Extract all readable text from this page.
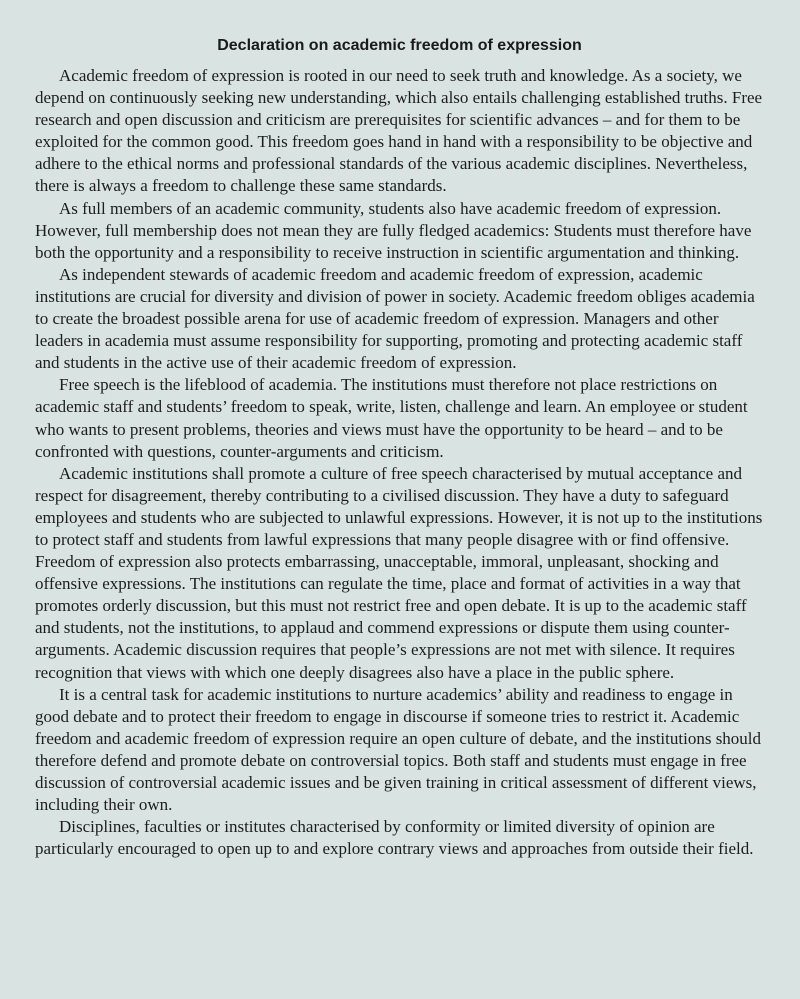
Declaration on academic freedom of expression

Academic freedom of expression is rooted in our need to seek truth and knowledge. As a society, we depend on continuously seeking new understanding, which also entails challenging established truths. Free research and open discussion and criticism are prerequisites for scientific advances – and for them to be exploited for the common good. This freedom goes hand in hand with a responsibility to be objective and adhere to the ethical norms and professional standards of the various academic disciplines. Nevertheless, there is always a freedom to challenge these same standards.

As full members of an academic community, students also have academic freedom of expression. However, full membership does not mean they are fully fledged academics: Students must therefore have both the opportunity and a responsibility to receive instruction in scientific argumentation and thinking.

As independent stewards of academic freedom and academic freedom of expression, academic institutions are crucial for diversity and division of power in society. Academic freedom obliges academia to create the broadest possible arena for use of academic freedom of expression. Managers and other leaders in academia must assume responsibility for supporting, promoting and protecting academic staff and students in the active use of their academic freedom of expression.

Free speech is the lifeblood of academia. The institutions must therefore not place restrictions on academic staff and students’ freedom to speak, write, listen, challenge and learn. An employee or student who wants to present problems, theories and views must have the opportunity to be heard – and to be confronted with questions, counter-arguments and criticism.

Academic institutions shall promote a culture of free speech characterised by mutual acceptance and respect for disagreement, thereby contributing to a civilised discussion. They have a duty to safeguard employees and students who are subjected to unlawful expressions. However, it is not up to the institutions to protect staff and students from lawful expressions that many people disagree with or find offensive. Freedom of expression also protects embarrassing, unacceptable, immoral, unpleasant, shocking and offensive expressions. The institutions can regulate the time, place and format of activities in a way that promotes orderly discussion, but this must not restrict free and open debate. It is up to the academic staff and students, not the institutions, to applaud and commend expressions or dispute them using counter-arguments. Academic discussion requires that people’s expressions are not met with silence. It requires recognition that views with which one deeply disagrees also have a place in the public sphere.

It is a central task for academic institutions to nurture academics’ ability and readiness to engage in good debate and to protect their freedom to engage in discourse if someone tries to restrict it. Academic freedom and academic freedom of expression require an open culture of debate, and the institutions should therefore defend and promote debate on controversial topics. Both staff and students must engage in free discussion of controversial academic issues and be given training in critical assessment of different views, including their own.

Disciplines, faculties or institutes characterised by conformity or limited diversity of opinion are particularly encouraged to open up to and explore contrary views and approaches from outside their field.
